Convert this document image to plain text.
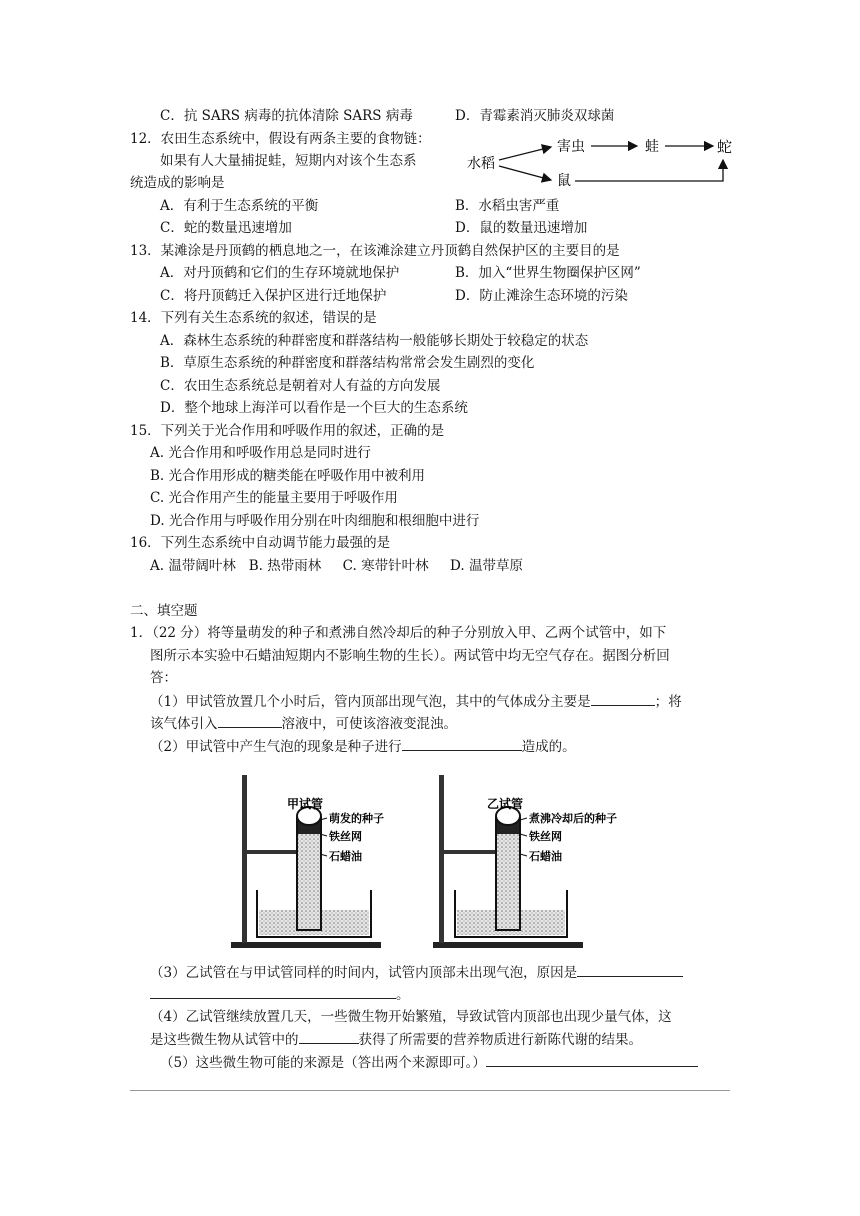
C．抗 SARS 病毒的抗体清除 SARS 病毒	D．青霉素消灭肺炎双球菌
12．农田生态系统中，假设有两条主要的食物链：
如果有人大量捕捉蛙，短期内对该个生态系
统造成的影响是
水稻
害虫	蛙	蛇
鼠
A．有利于生态系统的平衡	B．水稻虫害严重
C．蛇的数量迅速增加	D．鼠的数量迅速增加
13．某滩涂是丹顶鹤的栖息地之一，在该滩涂建立丹顶鹤自然保护区的主要目的是
A．对丹顶鹤和它们的生存环境就地保护	B．加入“世界生物圈保护区网”
C．将丹顶鹤迁入保护区进行迁地保护	D．防止滩涂生态环境的污染
14．下列有关生态系统的叙述，错误的是
A．森林生态系统的种群密度和群落结构一般能够长期处于较稳定的状态
B．草原生态系统的种群密度和群落结构常常会发生剧烈的变化
C．农田生态系统总是朝着对人有益的方向发展
D．整个地球上海洋可以看作是一个巨大的生态系统
15．下列关于光合作用和呼吸作用的叙述，正确的是
A. 光合作用和呼吸作用总是同时进行
B. 光合作用形成的糖类能在呼吸作用中被利用
C. 光合作用产生的能量主要用于呼吸作用
D. 光合作用与呼吸作用分别在叶肉细胞和根细胞中进行
16．下列生态系统中自动调节能力最强的是
A. 温带阔叶林   B. 热带雨林     C. 寒带针叶林     D. 温带草原
二、填空题
1．（22 分）将等量萌发的种子和煮沸自然冷却后的种子分别放入甲、乙两个试管中，如下
图所示本实验中石蜡油短期内不影响生物的生长）。两试管中均无空气存在。据图分析回
答：
（1）甲试管放置几个小时后，管内顶部出现气泡，其中的气体成分主要是	；将
该气体引入	溶液中，可使该溶液变混浊。
（2）甲试管中产生气泡的现象是种子进行	造成的。
甲试管
萌发的种子
铁丝网
石蜡油
乙试管
煮沸冷却后的种子
铁丝网
石蜡油
（3）乙试管在与甲试管同样的时间内，试管内顶部未出现气泡，原因是
。
（4）乙试管继续放置几天，一些微生物开始繁殖，导致试管内顶部也出现少量气体，这
是这些微生物从试管中的	获得了所需要的营养物质进行新陈代谢的结果。
（5）这些微生物可能的来源是（答出两个来源即可。）
